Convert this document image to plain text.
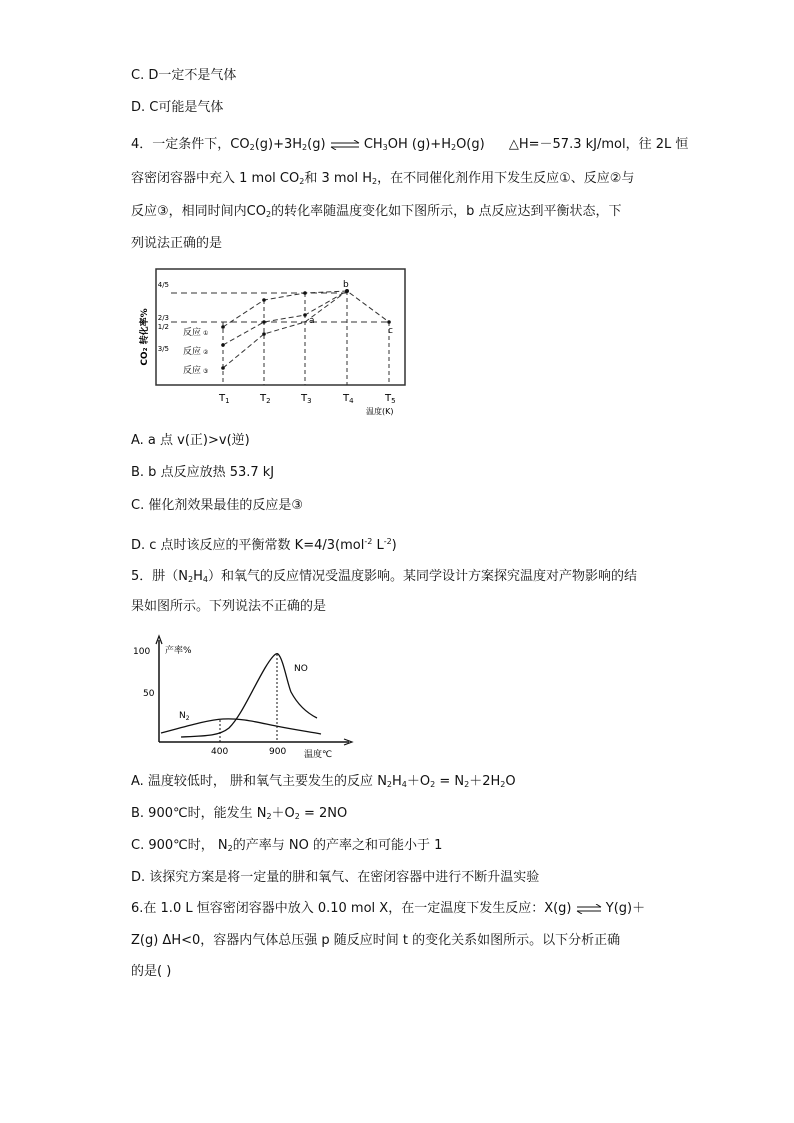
C. D一定不是气体
D. C可能是气体
4．一定条件下，$CO_2(g)+3H_2(g)$ ⇌ $CH_3OH$ $(g)+H_2O(g)$ △H=－57.3 kJ/mol，往 2L 恒
容密闭容器中充入 1 mol $CO_2$和 3 mol $H_2$，在不同催化剂作用下发生反应①、反应②与
反应③，相同时间内$CO_2$的转化率随温度变化如下图所示，b 点反应达到平衡状态，下
列说法正确的是
CO₂ 转化率%
4/5
2/3
1/2
3/5
a
b
c
反应 ①
反应 ②
反应 ③
$T_1$	$T_2$	$T_3$	$T_4$	$T_5$
温度(K)
A. a 点 v(正)>v(逆)
B. b 点反应放热 53.7 kJ
C. 催化剂效果最佳的反应是③
D. c 点时该反应的平衡常数 K=4/3(mol$^{-2}$ $L^{-2}$)
5．肼$(N_2H_4)$和氧气的反应情况受温度影响。某同学设计方案探究温度对产物影响的结
果如图所示。下列说法不正确的是
100 产率%
50
$N_2$
NO
400	900 温度℃
A. 温度较低时， 肼和氧气主要发生的反应 $N_2H_4+O_2 = N_2+2H_2O$
B. 900℃时，能发生 $N_2+O_2 = 2NO$
C. 900℃时， $N_2$的产率与 NO 的产率之和可能小于 1
D. 该探究方案是将一定量的肼和氧气、在密闭容器中进行不断升温实验
6.在 1.0 L 恒容密闭容器中放入 0.10 mol X，在一定温度下发生反应：X(g) ⇌ Y(g)＋
Z(g) ΔH<0，容器内气体总压强 p 随反应时间 t 的变化关系如图所示。以下分析正确
的是( )
